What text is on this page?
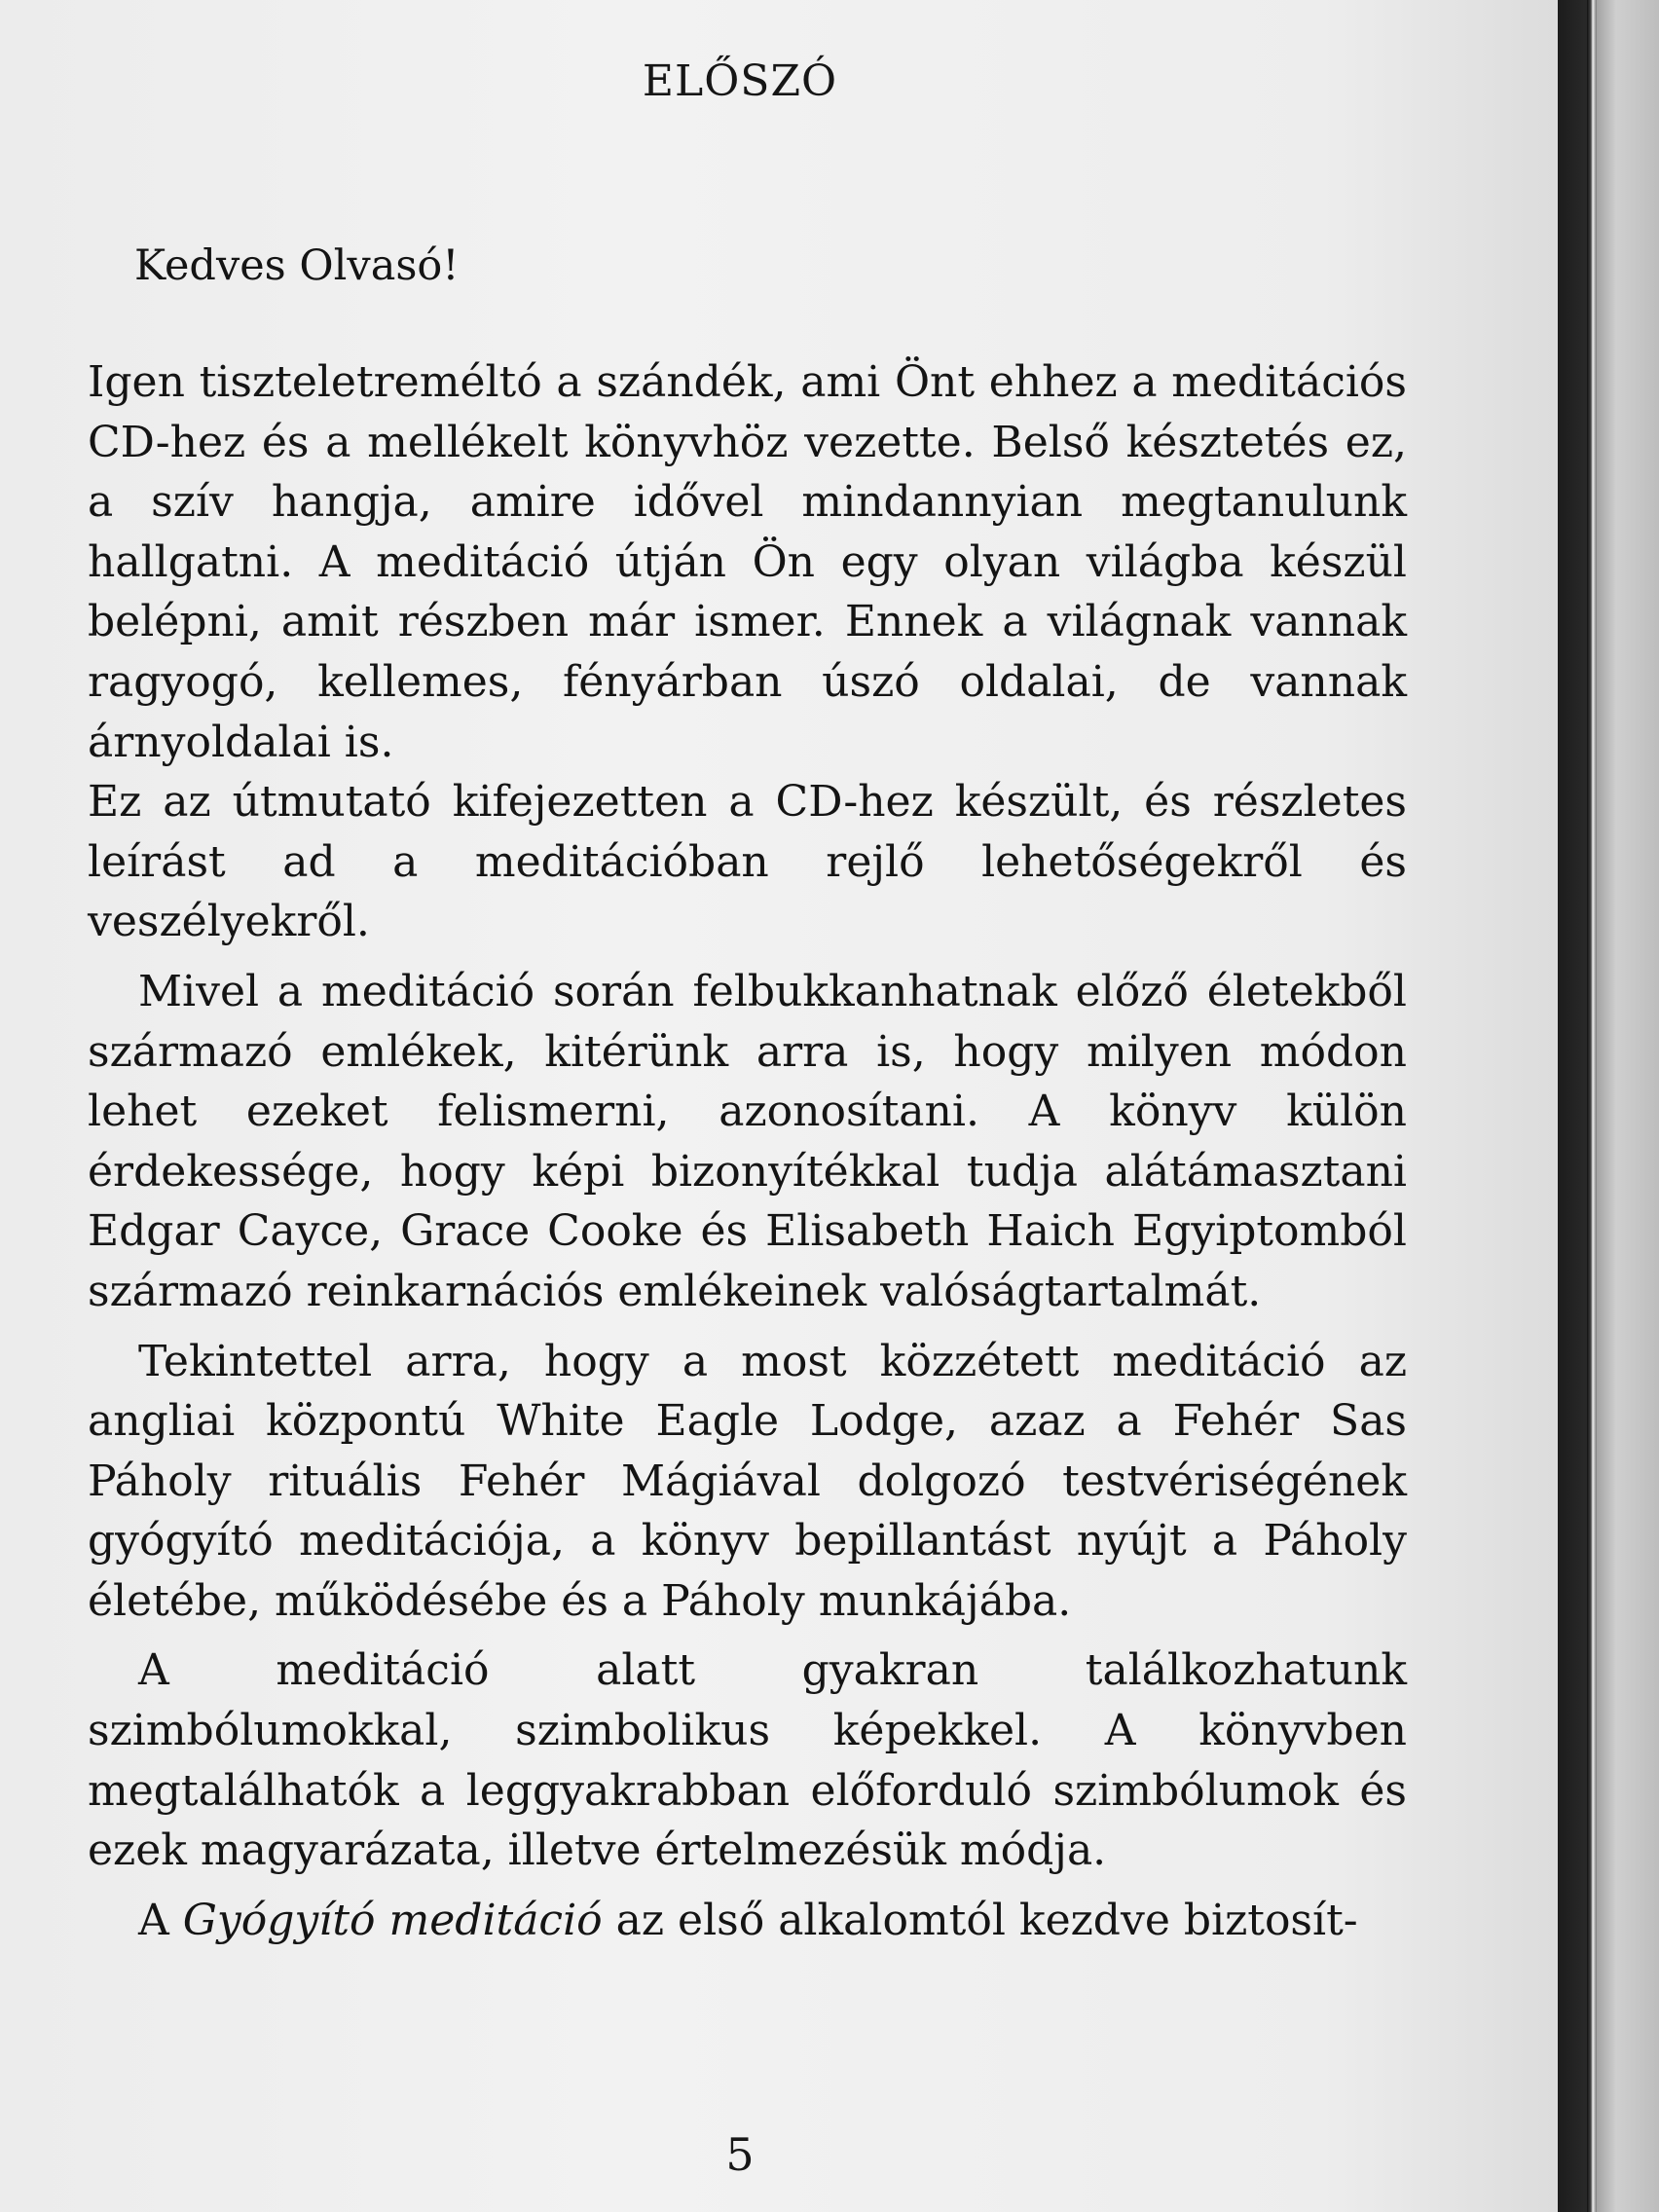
ELŐSZÓ
Kedves Olvasó!

Igen tiszteletreméltó a szándék, ami Önt ehhez a meditációs CD-hez és a mellékelt könyvhöz vezette. Belső késztetés ez, a szív hangja, amire idővel mindannyian megtanulunk hallgatni. A meditáció útján Ön egy olyan világba készül belépni, amit részben már ismer. Ennek a világnak vannak ragyogó, kellemes, fényárban úszó oldalai, de vannak árnyoldalai is.

Ez az útmutató kifejezetten a CD-hez készült, és részletes leírást ad a meditációban rejlő lehetőségekről és veszélyekről.

Mivel a meditáció során felbukkanhatnak előző életekből származó emlékek, kitérünk arra is, hogy milyen módon lehet ezeket felismerni, azonosítani. A könyv külön érdekessége, hogy képi bizonyítékkal tudja alátámasztani Edgar Cayce, Grace Cooke és Elisabeth Haich Egyiptomból származó reinkarnációs emlékeinek valóságtartalmát.

Tekintettel arra, hogy a most közzétett meditáció az angliai központú White Eagle Lodge, azaz a Fehér Sas Páholy rituális Fehér Mágiával dolgozó testvériségének gyógyító meditációja, a könyv bepillantást nyújt a Páholy életébe, működésébe és a Páholy munkájába.

A meditáció alatt gyakran találkozhatunk szimbólumokkal, szimbolikus képekkel. A könyvben megtalálhatók a leggyakrabban előforduló szimbólumok és ezek magyarázata, illetve értelmezésük módja.

A Gyógyító meditáció az első alkalomtól kezdve biztosít-

5
